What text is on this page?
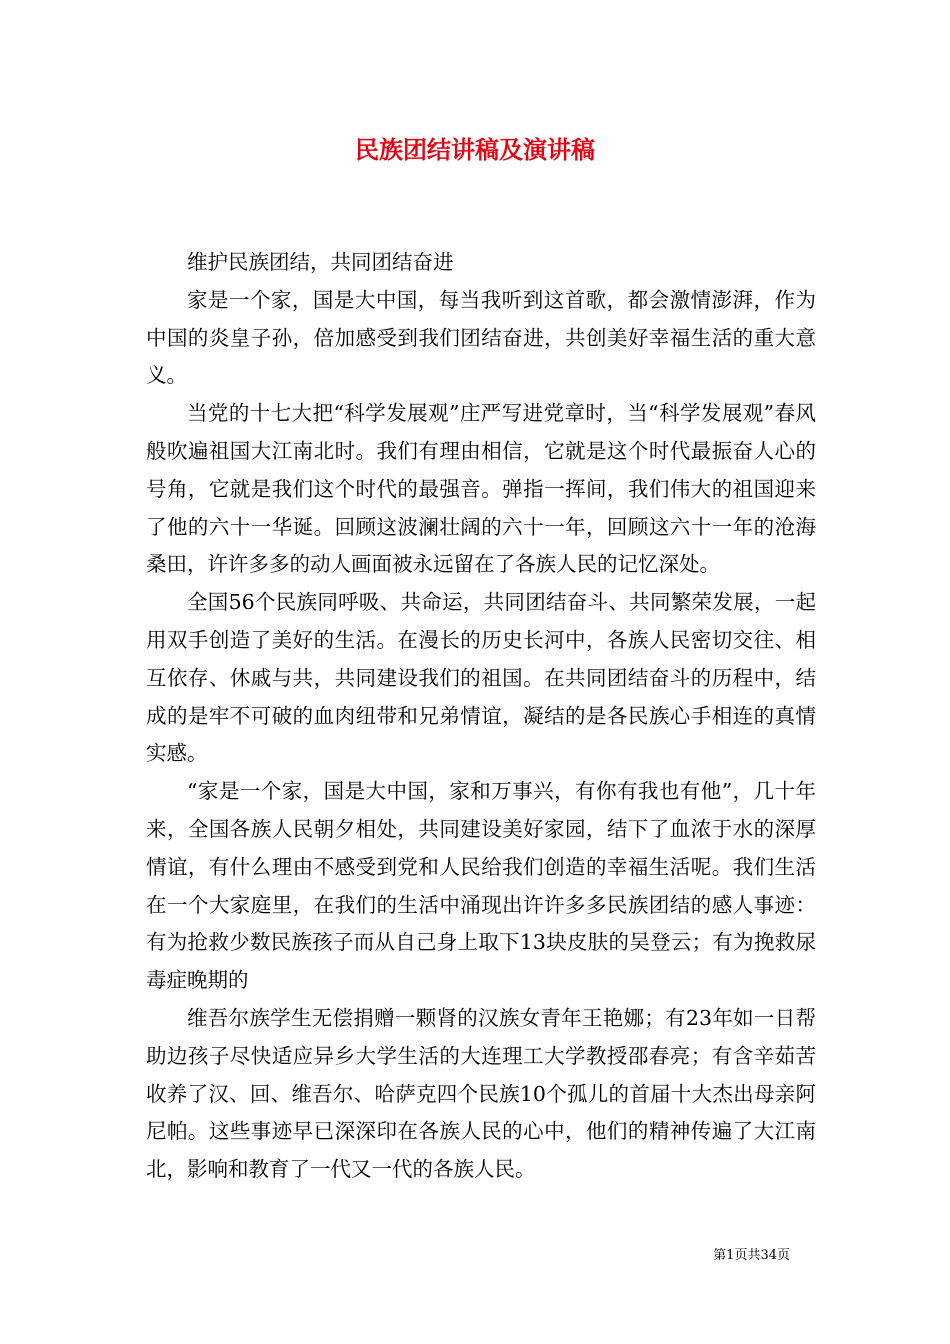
民族团结讲稿及演讲稿

维护民族团结，共同团结奋进

家是一个家，国是大中国，每当我听到这首歌，都会激情澎湃，作为中国的炎皇子孙，倍加感受到我们团结奋进，共创美好幸福生活的重大意义。

当党的十七大把“科学发展观”庄严写进党章时，当“科学发展观”春风般吹遍祖国大江南北时。我们有理由相信，它就是这个时代最振奋人心的号角，它就是我们这个时代的最强音。弹指一挥间，我们伟大的祖国迎来了他的六十一华诞。回顾这波澜壮阔的六十一年，回顾这六十一年的沧海桑田，许许多多的动人画面被永远留在了各族人民的记忆深处。

全国56个民族同呼吸、共命运，共同团结奋斗、共同繁荣发展，一起用双手创造了美好的生活。在漫长的历史长河中，各族人民密切交往、相互依存、休戚与共，共同建设我们的祖国。在共同团结奋斗的历程中，结成的是牢不可破的血肉纽带和兄弟情谊，凝结的是各民族心手相连的真情实感。

“家是一个家，国是大中国，家和万事兴，有你有我也有他”，几十年来，全国各族人民朝夕相处，共同建设美好家园，结下了血浓于水的深厚情谊，有什么理由不感受到党和人民给我们创造的幸福生活呢。我们生活在一个大家庭里，在我们的生活中涌现出许许多多民族团结的感人事迹：有为抢救少数民族孩子而从自己身上取下13块皮肤的吴登云；有为挽救尿毒症晚期的

维吾尔族学生无偿捐赠一颗肾的汉族女青年王艳娜；有23年如一日帮助边孩子尽快适应异乡大学生活的大连理工大学教授邵春亮；有含辛茹苦收养了汉、回、维吾尔、哈萨克四个民族10个孤儿的首届十大杰出母亲阿尼帕。这些事迹早已深深印在各族人民的心中，他们的精神传遍了大江南北，影响和教育了一代又一代的各族人民。

第1页共34页
